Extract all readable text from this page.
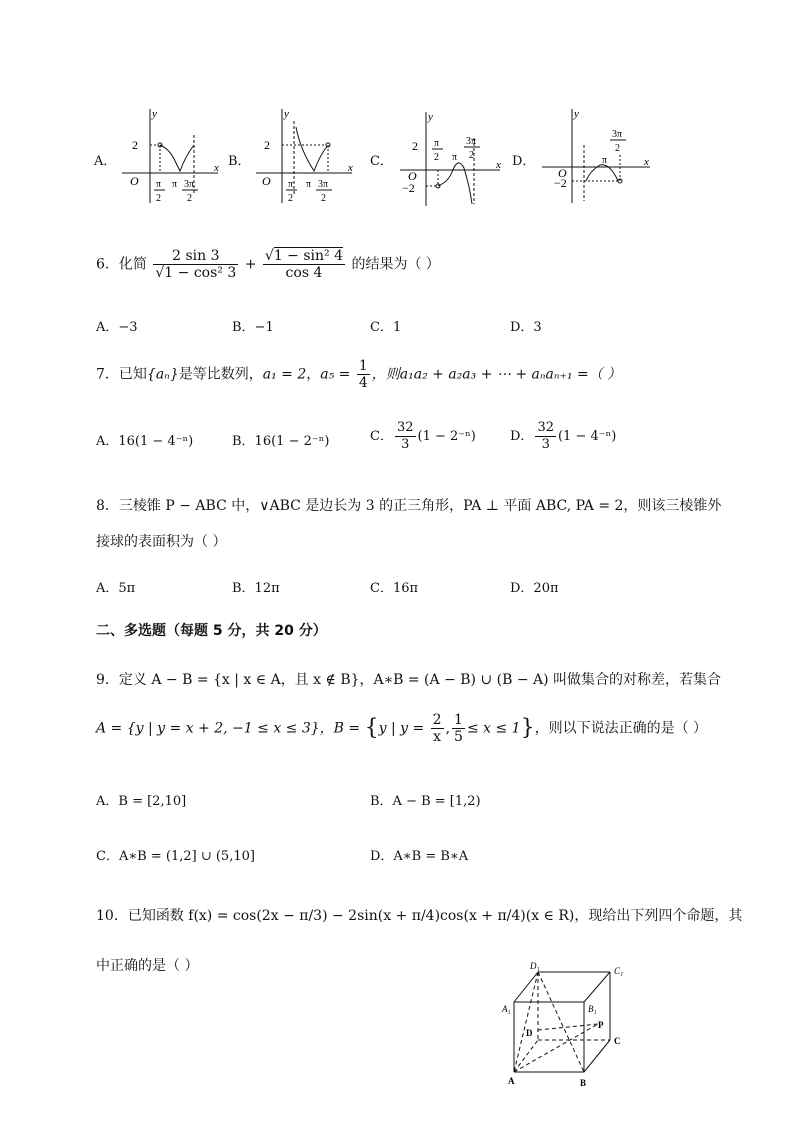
A．
y
x
O
2
π
2
π 3π
2
B．
y
x
O
2
π
2
π 3π
2
C．
y
x
O
2
−2
π
2 π
3π
2	D．
y
x
O
−2
π
3π
2
6．化简 $\frac{2 \sin 3}{\text{√1 − cos² 3}} + \frac{\text{√1 − sin² 4}}{\cos 4}$ 的结果为（ ）
A．−3	B．−1	C．1	D．3
7．已知{aₙ}是等比数列，a₁ = 2，$a_5 = \frac{1}{4}$ ，则a₁a₂ + a₂a₃ + ⋯ + aₙaₙ₊₁ =（ ）
A．16(1 − 4⁻ⁿ)	B．16(1 − 2⁻ⁿ)	C． $\frac{32}{3} (1 - 2^{-n})$	D． $\frac{32}{3} (1 - 4^{-n})$
8．三棱锥 P − ABC 中，∨ABC 是边长为 3 的正三角形，PA ⊥ 平面 ABC, PA = 2，则该三棱锥外
接球的表面积为（ ）
A．5π	B．12π	C．16π	D．20π
二、多选题（每题 5 分，共 20 分）
9．定义 A − B = {x | x ∈ A，且 x ∉ B}，A∗B = (A − B) ∪ (B − A) 叫做集合的对称差，若集合
A = {y | y = x + 2, −1 ≤ x ≤ 3}，B = {y | $y = \frac{2}{x}$ , $\frac{1}{5} \le x \le 1$}，则以下说法正确的是（ ）
A．B = [2,10]	B．A − B = [1,2)
C．A∗B = (1,2] ∪ (5,10]	D．A∗B = B∗A
10．已知函数 f(x) = cos(2x − π/3) − 2sin(x + π/4)cos(x + π/4)(x ∈ R)，现给出下列四个命题，其
中正确的是（ ）	D₁	C₁
A₁	B₁
D
P
C
A	B
